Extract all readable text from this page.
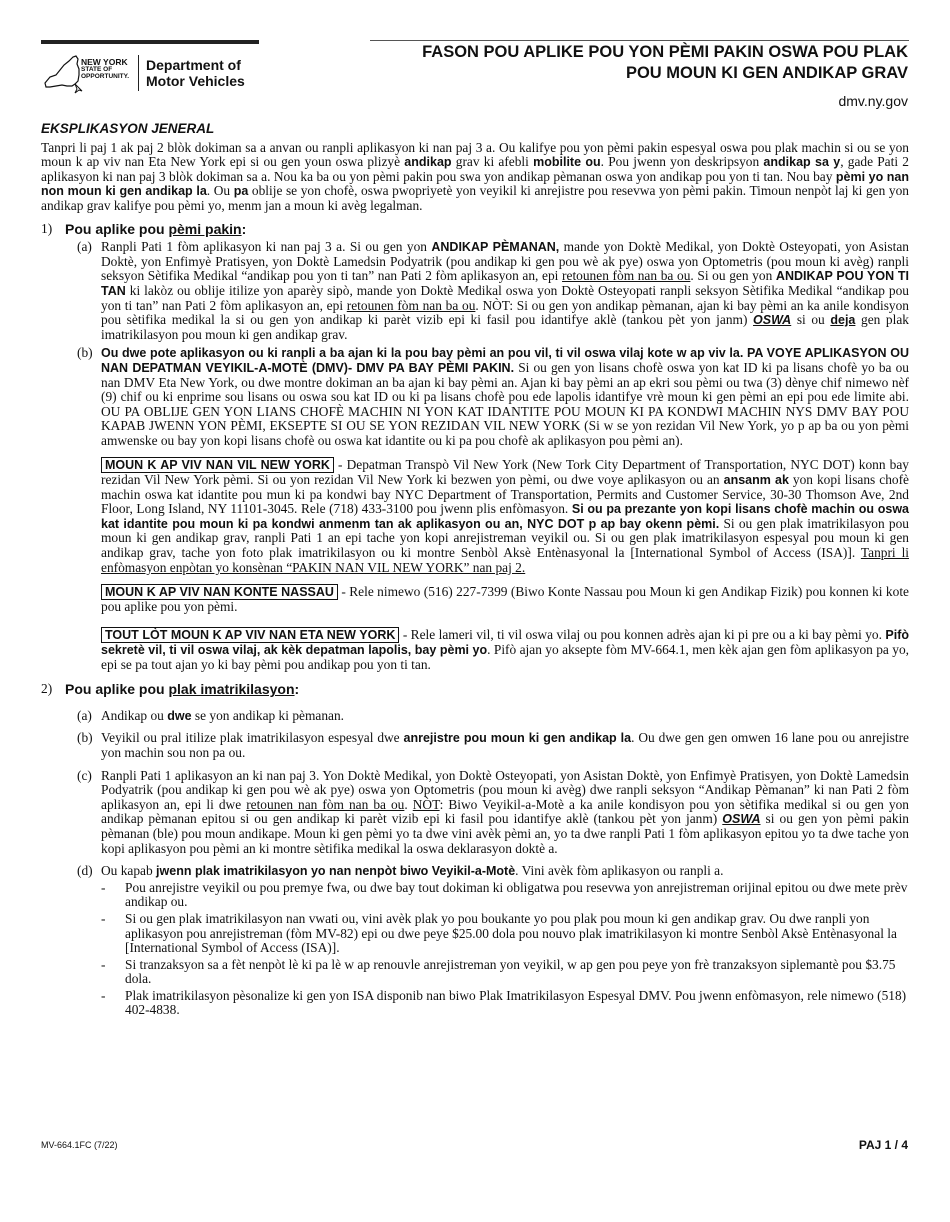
NEW YORK
STATE OF
OPPORTUNITY.
Department of
Motor Vehicles
FASON POU APLIKE POU YON PÈMI PAKIN OSWA POU PLAK
POU MOUN KI GEN ANDIKAP GRAV
dmv.ny.gov
EKSPLIKASYON JENERAL

Tanpri li paj 1 ak paj 2 blòk dokiman sa a anvan ou ranpli aplikasyon ki nan paj 3 a. Ou kalifye pou yon pèmi pakin espesyal oswa pou plak machin si ou se yon moun k ap viv nan Eta New York epi si ou gen youn oswa plizyè andikap grav ki afebli mobilite ou. Pou jwenn yon deskripsyon andikap sa y, gade Pati 2 aplikasyon ki nan paj 3 blòk dokiman sa a. Nou ka ba ou yon pèmi pakin pou swa yon andikap pèmanan oswa yon andikap pou yon ti tan. Nou bay pèmi yo nan non moun ki gen andikap la. Ou pa oblije se yon chofè, oswa pwopriyetè yon veyikil ki anrejistre pou resevwa yon pèmi pakin. Timoun nenpòt laj ki gen yon andikap grav kalifye pou pèmi yo, menm jan a moun ki avèg legalman.

1) Pou aplike pou pèmi pakin:
(a) Ranpli Pati 1 fòm aplikasyon ki nan paj 3 a. Si ou gen yon ANDIKAP PÈMANAN, mande yon Doktè Medikal, yon Doktè Osteyopati, yon Asistan Doktè, yon Enfimyè Pratisyen, yon Doktè Lamedsin Podyatrik (pou andikap ki gen pou wè ak pye) oswa yon Optometris (pou moun ki avèg) ranpli seksyon Sètifika Medikal “andikap pou yon ti tan” nan Pati 2 fòm aplikasyon an, epi retounen fòm nan ba ou. Si ou gen yon ANDIKAP POU YON TI TAN ki lakòz ou oblije itilize yon aparèy sipò, mande yon Doktè Medikal oswa yon Doktè Osteyopati ranpli seksyon Sètifika Medikal “andikap pou yon ti tan” nan Pati 2 fòm aplikasyon an, epi retounen fòm nan ba ou. NÒT: Si ou gen yon andikap pèmanan, ajan ki bay pèmi an ka anile kondisyon pou sètifika medikal la si ou gen yon andikap ki parèt vizib epi ki fasil pou idantifye aklè (tankou pèt yon janm) OSWA si ou deja gen plak imatrikilasyon pou moun ki gen andikap grav.
(b) Ou dwe pote aplikasyon ou ki ranpli a ba ajan ki la pou bay pèmi an pou vil, ti vil oswa vilaj kote w ap viv la. PA VOYE APLIKASYON OU NAN DEPATMAN VEYIKIL-A-MOTÈ (DMV)- DMV PA BAY PÈMI PAKIN. Si ou gen yon lisans chofè oswa yon kat ID ki pa lisans chofè yo ba ou nan DMV Eta New York, ou dwe montre dokiman an ba ajan ki bay pèmi an. Ajan ki bay pèmi an ap ekri sou pèmi ou twa (3) dènye chif nimewo nèf (9) chif ou ki enprime sou lisans ou oswa sou kat ID ou ki pa lisans chofè pou ede lapolis idantifye vrè moun ki gen pèmi an epi pou ede limite abi. OU PA OBLIJE GEN YON LIANS CHOFÈ MACHIN NI YON KAT IDANTITE POU MOUN KI PA KONDWI MACHIN NYS DMV BAY POU KAPAB JWENN YON PÈMI, EKSEPTE SI OU SE YON REZIDAN VIL NEW YORK (Si w se yon rezidan Vil New York, yo p ap ba ou yon pèmi amwenske ou bay yon kopi lisans chofè ou oswa kat idantite ou ki pa pou chofè ak aplikasyon pou pèmi an).

MOUN K AP VIV NAN VIL NEW YORK - Depatman Transpò Vil New York (New Tork City Department of Transportation, NYC DOT) konn bay rezidan Vil New York pèmi. Si ou yon rezidan Vil New York ki bezwen yon pèmi, ou dwe voye aplikasyon ou an ansanm ak yon kopi lisans chofè machin oswa kat idantite pou mun ki pa kondwi bay NYC Department of Transportation, Permits and Customer Service, 30-30 Thomson Ave, 2nd Floor, Long Island, NY 11101-3045. Rele (718) 433-3100 pou jwenn plis enfòmasyon. Si ou pa prezante yon kopi lisans chofè machin ou oswa kat idantite pou moun ki pa kondwi anmenm tan ak aplikasyon ou an, NYC DOT p ap bay okenn pèmi. Si ou gen plak imatrikilasyon pou moun ki gen andikap grav, ranpli Pati 1 an epi tache yon kopi anrejistreman veyikil ou. Si ou gen plak imatrikilasyon espesyal pou moun ki gen andikap grav, tache yon foto plak imatrikilasyon ou ki montre Senbòl Aksè Entènasyonal la [International Symbol of Access (ISA)]. Tanpri li enfòmasyon enpòtan yo konsènan “PAKIN NAN VIL NEW YORK” nan paj 2.

MOUN K AP VIV NAN KONTE NASSAU - Rele nimewo (516) 227-7399 (Biwo Konte Nassau pou Moun ki gen Andikap Fizik) pou konnen ki kote pou aplike pou yon pèmi.

TOUT LÒT MOUN K AP VIV NAN ETA NEW YORK - Rele lameri vil, ti vil oswa vilaj ou pou konnen adrès ajan ki pi pre ou a ki bay pèmi yo. Pifò sekretè vil, ti vil oswa vilaj, ak kèk depatman lapolis, bay pèmi yo. Pifò ajan yo aksepte fòm MV-664.1, men kèk ajan gen fòm aplikasyon pa yo, epi se pa tout ajan yo ki bay pèmi pou andikap pou yon ti tan.

2) Pou aplike pou plak imatrikilasyon:
(a) Andikap ou dwe se yon andikap ki pèmanan.
(b) Veyikil ou pral itilize plak imatrikilasyon espesyal dwe anrejistre pou moun ki gen andikap la. Ou dwe gen gen omwen 16 lane pou ou anrejistre yon machin sou non pa ou.
(c) Ranpli Pati 1 aplikasyon an ki nan paj 3. Yon Doktè Medikal, yon Doktè Osteyopati, yon Asistan Doktè, yon Enfimyè Pratisyen, yon Doktè Lamedsin Podyatrik (pou andikap ki gen pou wè ak pye) oswa yon Optometris (pou moun ki avèg) dwe ranpli seksyon “Andikap Pèmanan” ki nan Pati 2 fòm aplikasyon an, epi li dwe retounen nan fòm nan ba ou. NÒT: Biwo Veyikil-a-Motè a ka anile kondisyon pou yon sètifika medikal si ou gen yon andikap pèmanan epitou si ou gen andikap ki parèt vizib epi ki fasil pou idantifye aklè (tankou pèt yon janm) OSWA si ou gen yon pèmi pakin pèmanan (ble) pou moun andikape. Moun ki gen pèmi yo ta dwe vini avèk pèmi an, yo ta dwe ranpli Pati 1 fòm aplikasyon epitou yo ta dwe tache yon kopi aplikasyon pou pèmi an ki montre sètifika medikal la oswa deklarasyon doktè a.
(d) Ou kapab jwenn plak imatrikilasyon yo nan nenpòt biwo Veyikil-a-Motè. Vini avèk fòm aplikasyon ou ranpli a.
-	Pou anrejistre veyikil ou pou premye fwa, ou dwe bay tout dokiman ki obligatwa pou resevwa yon anrejistreman orijinal epitou ou dwe mete prèv andikap ou.
-	Si ou gen plak imatrikilasyon nan vwati ou, vini avèk plak yo pou boukante yo pou plak pou moun ki gen andikap grav. Ou dwe ranpli yon aplikasyon pou anrejistreman (fòm MV-82) epi ou dwe peye $25.00 dola pou nouvo plak imatrikilasyon ki montre Senbòl Aksè Entènasyonal la [International Symbol of Access (ISA)].
-	Si tranzaksyon sa a fèt nenpòt lè ki pa lè w ap renouvle anrejistreman yon veyikil, w ap gen pou peye yon frè tranzaksyon siplemantè pou $3.75 dola.
-	Plak imatrikilasyon pèsonalize ki gen yon ISA disponib nan biwo Plak Imatrikilasyon Espesyal DMV. Pou jwenn enfòmasyon, rele nimewo (518) 402-4838.
MV-664.1FC (7/22)	PAJ 1 / 4
